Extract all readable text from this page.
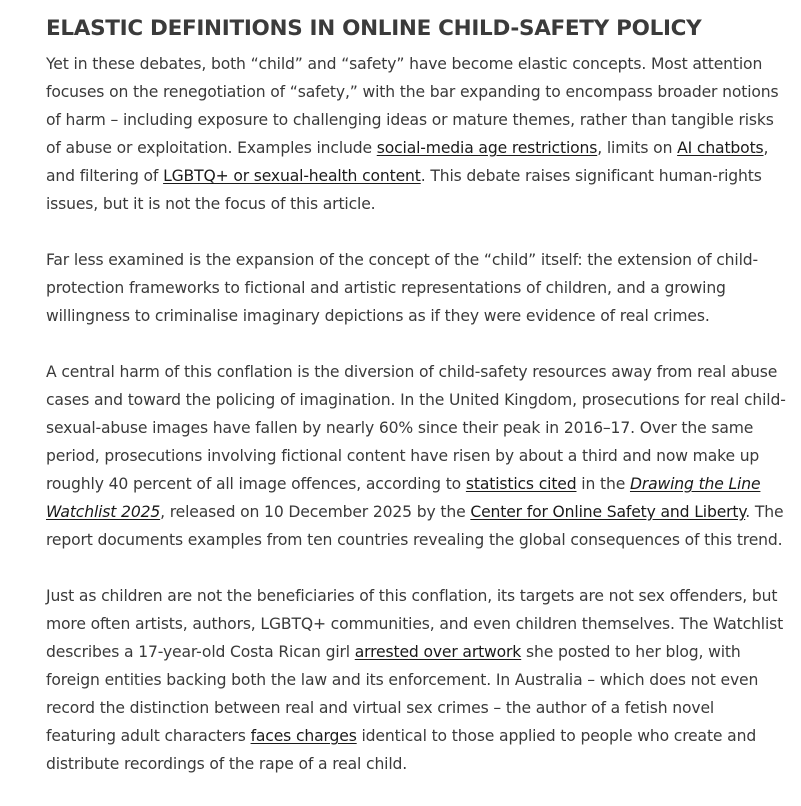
ELASTIC DEFINITIONS IN ONLINE CHILD-SAFETY POLICY

Yet in these debates, both “child” and “safety” have become elastic concepts. Most attention focuses on the renegotiation of “safety,” with the bar expanding to encompass broader notions of harm – including exposure to challenging ideas or mature themes, rather than tangible risks of abuse or exploitation. Examples include social-media age restrictions, limits on AI chatbots, and filtering of LGBTQ+ or sexual-health content. This debate raises significant human-rights issues, but it is not the focus of this article.

Far less examined is the expansion of the concept of the “child” itself: the extension of child-protection frameworks to fictional and artistic representations of children, and a growing willingness to criminalise imaginary depictions as if they were evidence of real crimes.

A central harm of this conflation is the diversion of child-safety resources away from real abuse cases and toward the policing of imagination. In the United Kingdom, prosecutions for real child-sexual-abuse images have fallen by nearly 60% since their peak in 2016–17. Over the same period, prosecutions involving fictional content have risen by about a third and now make up roughly 40 percent of all image offences, according to statistics cited in the Drawing the Line Watchlist 2025, released on 10 December 2025 by the Center for Online Safety and Liberty. The report documents examples from ten countries revealing the global consequences of this trend.

Just as children are not the beneficiaries of this conflation, its targets are not sex offenders, but more often artists, authors, LGBTQ+ communities, and even children themselves. The Watchlist describes a 17-year-old Costa Rican girl arrested over artwork she posted to her blog, with foreign entities backing both the law and its enforcement. In Australia – which does not even record the distinction between real and virtual sex crimes – the author of a fetish novel featuring adult characters faces charges identical to those applied to people who create and distribute recordings of the rape of a real child.
